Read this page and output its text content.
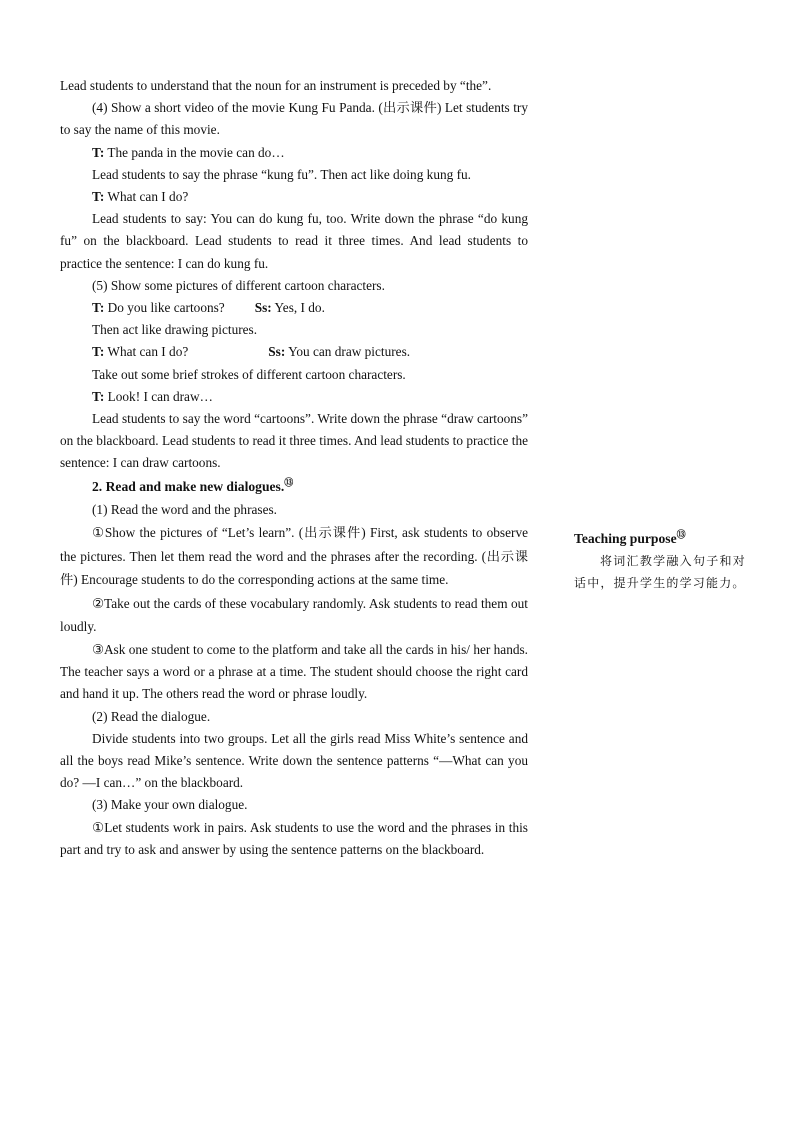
Lead students to understand that the noun for an instrument is preceded by “the”.

(4) Show a short video of the movie Kung Fu Panda. (出示课件) Let students try to say the name of this movie.

T: The panda in the movie can do…

Lead students to say the phrase “kung fu”. Then act like doing kung fu.

T: What can I do?

Lead students to say: You can do kung fu, too. Write down the phrase “do kung fu” on the blackboard. Lead students to read it three times. And lead students to practice the sentence: I can do kung fu.

(5) Show some pictures of different cartoon characters.

T: Do you like cartoons? Ss: Yes, I do.

Then act like drawing pictures.

T: What can I do?	Ss: You can draw pictures.

Take out some brief strokes of different cartoon characters.

T: Look! I can draw…

Lead students to say the word “cartoons”. Write down the phrase “draw cartoons” on the blackboard. Lead students to read it three times. And lead students to practice the sentence: I can draw cartoons.

2. Read and make new dialogues.⑬

(1) Read the word and the phrases.

①Show the pictures of “Let’s learn”. (出示课件) First, ask students to observe the pictures. Then let them read the word and the phrases after the recording. (出示课件) Encourage students to do the corresponding actions at the same time.

②Take out the cards of these vocabulary randomly. Ask students to read them out loudly.

③Ask one student to come to the platform and take all the cards in his/ her hands. The teacher says a word or a phrase at a time. The student should choose the right card and hand it up. The others read the word or phrase loudly.

(2) Read the dialogue.

Divide students into two groups. Let all the girls read Miss White’s sentence and all the boys read Mike’s sentence. Write down the sentence patterns “—What can you do? —I can…” on the blackboard.

(3) Make your own dialogue.

①Let students work in pairs. Ask students to use the word and the phrases in this part and try to ask and answer by using the sentence patterns on the blackboard.

Teaching purpose⑬

将词汇教学融入句子和对话中，提升学生的学习能力。
